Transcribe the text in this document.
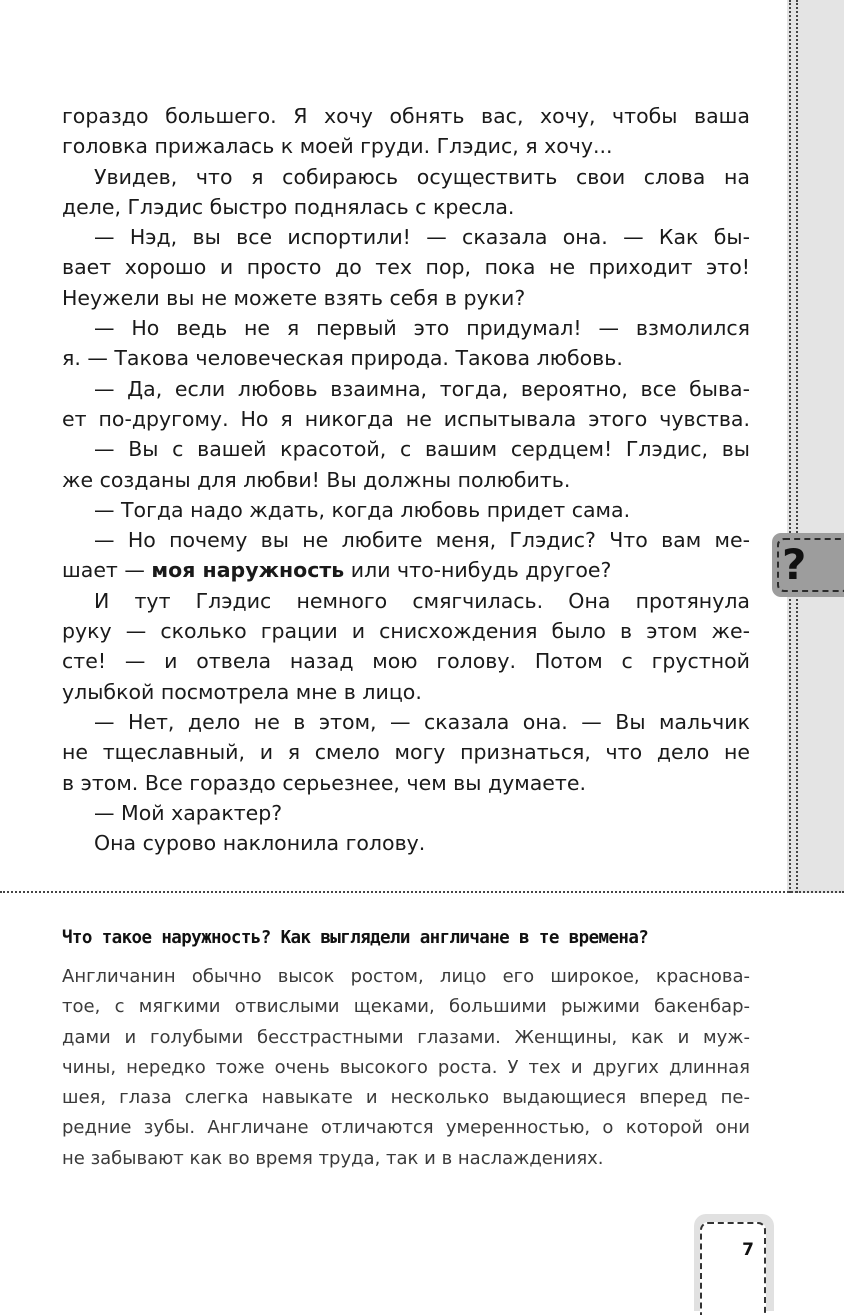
?
гораздо большего. Я хочу обнять вас, хочу, чтобы ваша
головка прижалась к моей груди. Глэдис, я хочу...
Увидев, что я собираюсь осуществить свои слова на
деле, Глэдис быстро поднялась с кресла.
— Нэд, вы все испортили! — сказала она. — Как бы-
вает хорошо и просто до тех пор, пока не приходит это!
Неужели вы не можете взять себя в руки?
— Но ведь не я первый это придумал! — взмолился
я. — Такова человеческая природа. Такова любовь.
— Да, если любовь взаимна, тогда, вероятно, все быва-
ет по-другому. Но я никогда не испытывала этого чувства.
— Вы с вашей красотой, с вашим сердцем! Глэдис, вы
же созданы для любви! Вы должны полюбить.
— Тогда надо ждать, когда любовь придет сама.
— Но почему вы не любите меня, Глэдис? Что вам ме-
шает — моя наружность или что-нибудь другое?
И тут Глэдис немного смягчилась. Она протянула
руку — сколько грации и снисхождения было в этом же-
сте! — и отвела назад мою голову. Потом с грустной
улыбкой посмотрела мне в лицо.
— Нет, дело не в этом, — сказала она. — Вы мальчик
не тщеславный, и я смело могу признаться, что дело не
в этом. Все гораздо серьезнее, чем вы думаете.
— Мой характер?
Она сурово наклонила голову.
Что такое наружность? Как выглядели англичане в те времена?
Англичанин обычно высок ростом, лицо его широкое, краснова-
тое, с мягкими отвислыми щеками, большими рыжими бакенбар-
дами и голубыми бесстрастными глазами. Женщины, как и муж-
чины, нередко тоже очень высокого роста. У тех и других длинная
шея, глаза слегка навыкате и несколько выдающиеся вперед пе-
редние зубы. Англичане отличаются умеренностью, о которой они
не забывают как во время труда, так и в наслаждениях.
7
